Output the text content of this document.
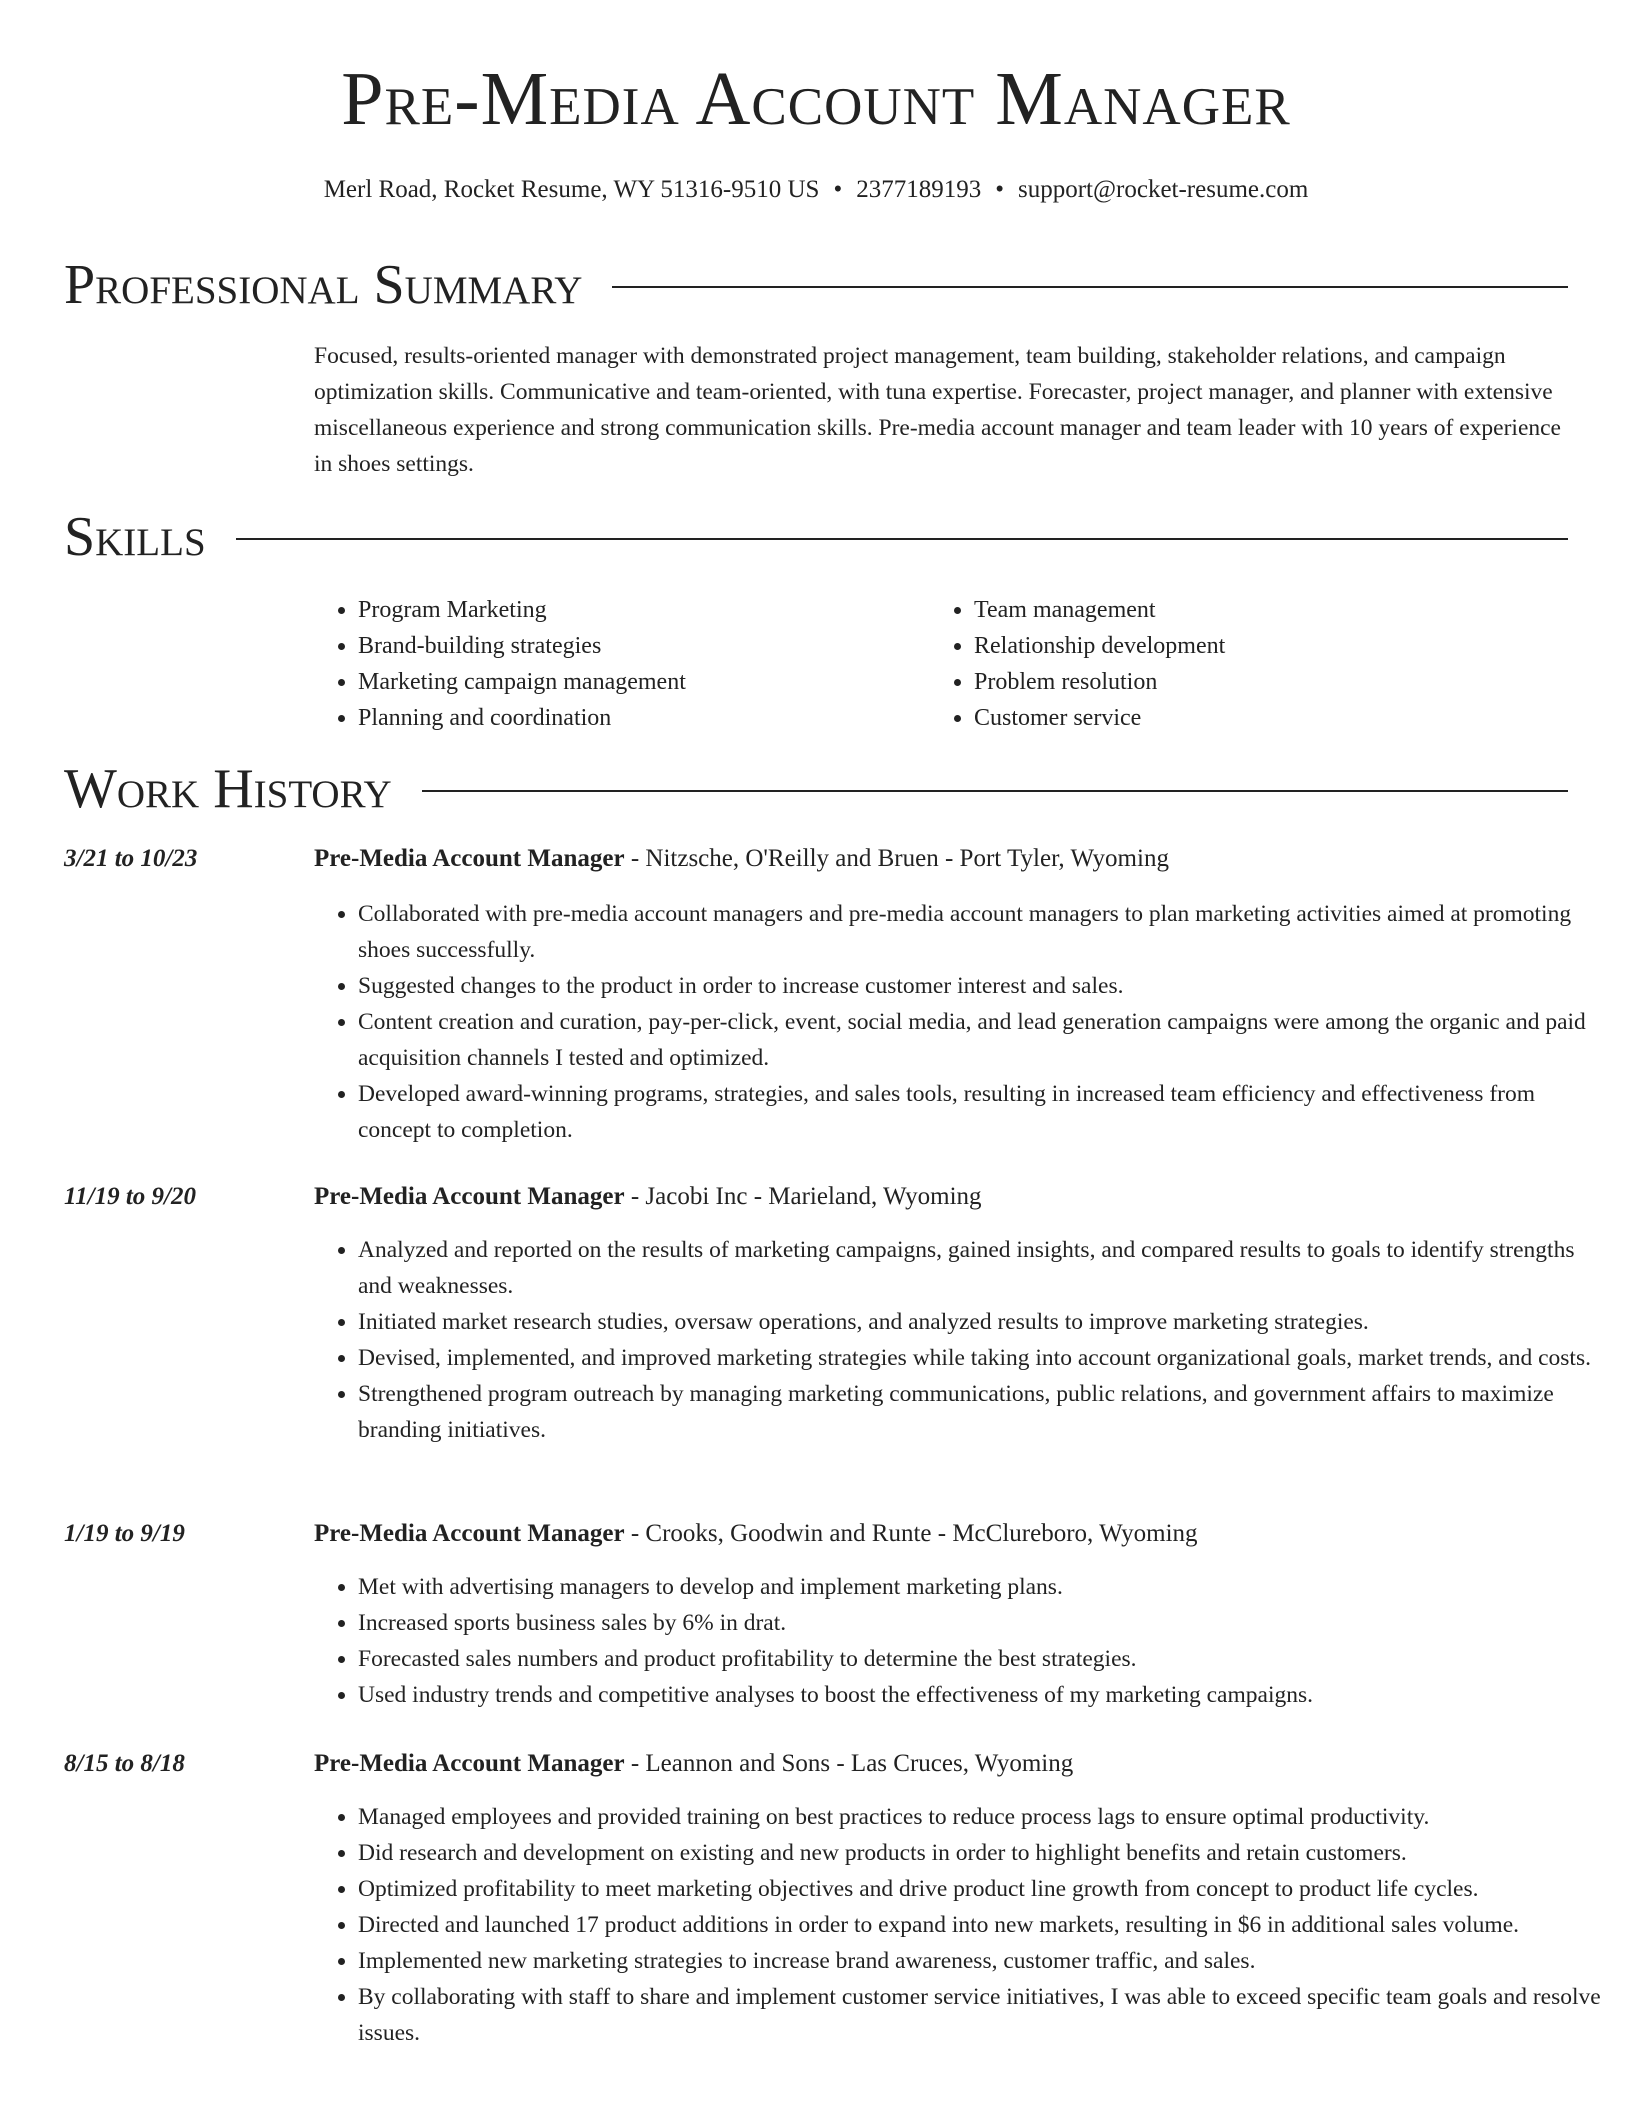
Pre-Media Account Manager
Merl Road, Rocket Resume, WY 51316-9510 US • 2377189193 • support@rocket-resume.com
Professional Summary

Focused, results-oriented manager with demonstrated project management, team building, stakeholder relations, and campaign optimization skills. Communicative and team-oriented, with tuna expertise. Forecaster, project manager, and planner with extensive miscellaneous experience and strong communication skills. Pre-media account manager and team leader with 10 years of experience in shoes settings.

Skills
• Program Marketing
• Brand-building strategies
• Marketing campaign management
• Planning and coordination
• Team management
• Relationship development
• Problem resolution
• Customer service
Work History
3/21 to 10/23	Pre-Media Account Manager - Nitzsche, O'Reilly and Bruen - Port Tyler, Wyoming
• Collaborated with pre-media account managers and pre-media account managers to plan marketing activities aimed at promoting shoes successfully.
• Suggested changes to the product in order to increase customer interest and sales.
• Content creation and curation, pay-per-click, event, social media, and lead generation campaigns were among the organic and paid acquisition channels I tested and optimized.
• Developed award-winning programs, strategies, and sales tools, resulting in increased team efficiency and effectiveness from concept to completion.
11/19 to 9/20	Pre-Media Account Manager - Jacobi Inc - Marieland, Wyoming
• Analyzed and reported on the results of marketing campaigns, gained insights, and compared results to goals to identify strengths and weaknesses.
• Initiated market research studies, oversaw operations, and analyzed results to improve marketing strategies.
• Devised, implemented, and improved marketing strategies while taking into account organizational goals, market trends, and costs.
• Strengthened program outreach by managing marketing communications, public relations, and government affairs to maximize branding initiatives.
1/19 to 9/19	Pre-Media Account Manager - Crooks, Goodwin and Runte - McClureboro, Wyoming
• Met with advertising managers to develop and implement marketing plans.
• Increased sports business sales by 6% in drat.
• Forecasted sales numbers and product profitability to determine the best strategies.
• Used industry trends and competitive analyses to boost the effectiveness of my marketing campaigns.
8/15 to 8/18	Pre-Media Account Manager - Leannon and Sons - Las Cruces, Wyoming
• Managed employees and provided training on best practices to reduce process lags to ensure optimal productivity.
• Did research and development on existing and new products in order to highlight benefits and retain customers.
• Optimized profitability to meet marketing objectives and drive product line growth from concept to product life cycles.
• Directed and launched 17 product additions in order to expand into new markets, resulting in $6 in additional sales volume.
• Implemented new marketing strategies to increase brand awareness, customer traffic, and sales.
• By collaborating with staff to share and implement customer service initiatives, I was able to exceed specific team goals and resolve issues.
